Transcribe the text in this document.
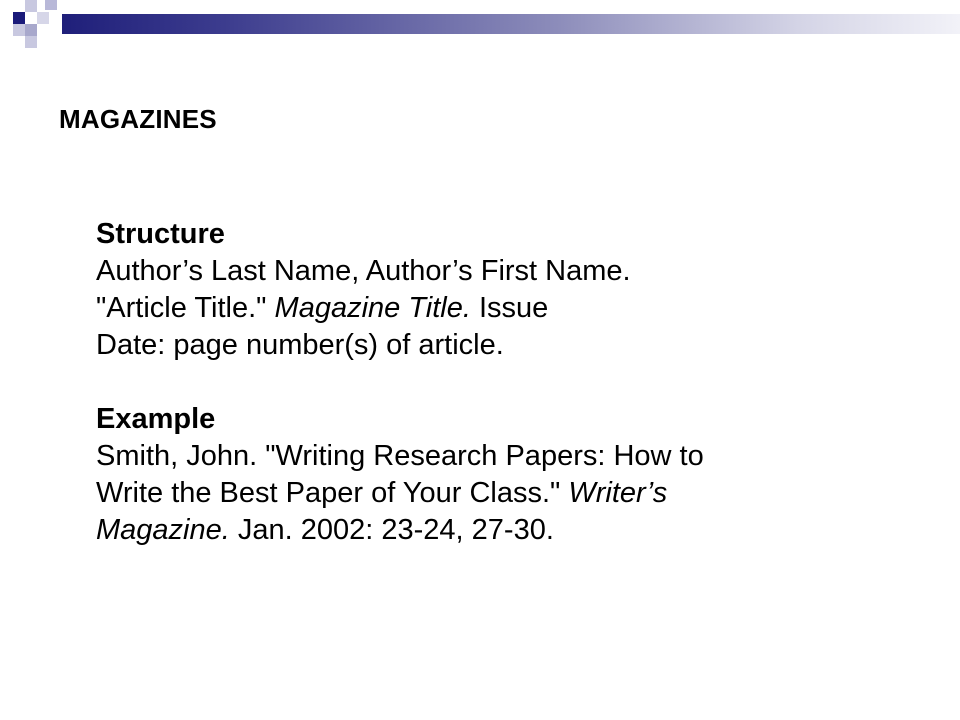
MAGAZINES

Structure

Author’s Last Name, Author’s First Name.

"Article Title." Magazine Title. Issue

Date: page number(s) of article.

Example

Smith, John. "Writing Research Papers: How to

Write the Best Paper of Your Class." Writer’s

Magazine. Jan. 2002: 23-24, 27-30.
